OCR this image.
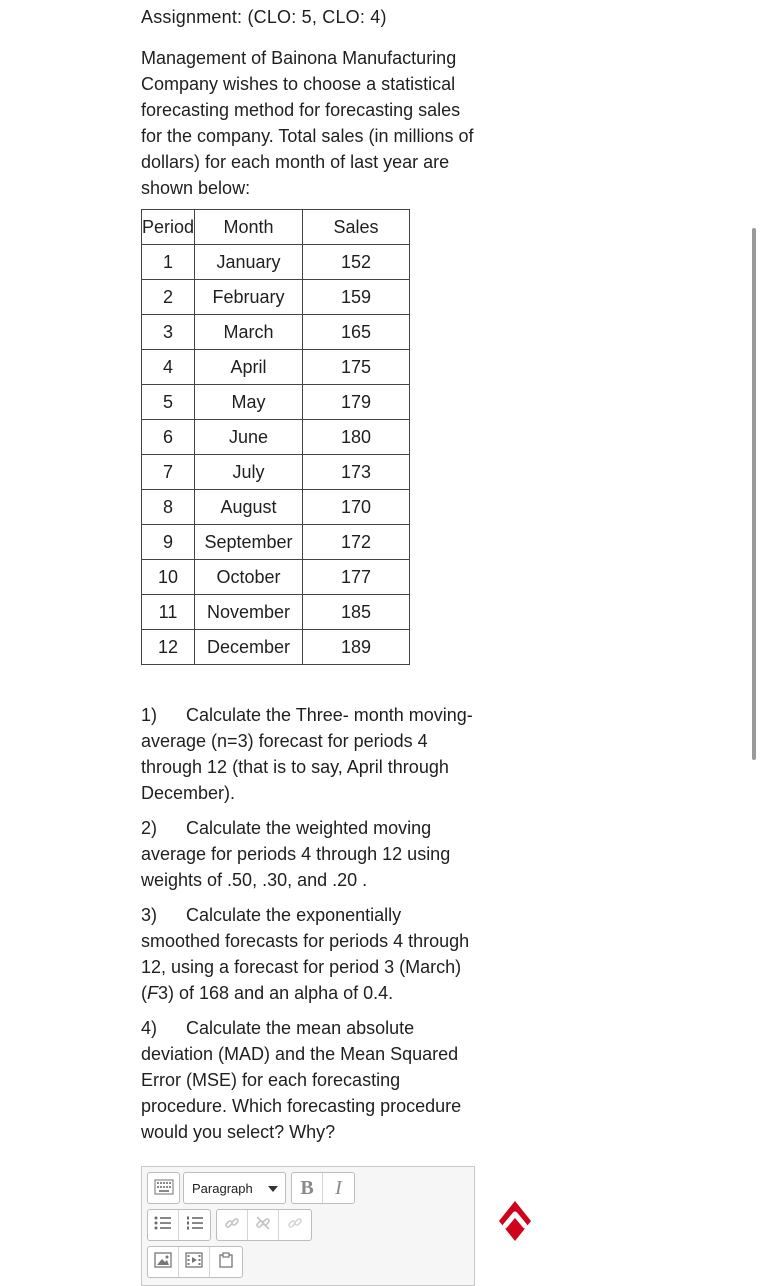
Assignment: (CLO: 5, CLO: 4)

Management of Bainona Manufacturing Company wishes to choose a statistical forecasting method for forecasting sales for the company. Total sales (in millions of dollars) for each month of last year are shown below:

Period	Month	Sales
1	January	152
2	February	159
3	March	165
4	April	175
5	May	179
6	June	180
7	July	173
8	August	170
9	September	172
10	October	177
11	November	185
12	December	189

1) Calculate the Three- month moving-average (n=3) forecast for periods 4 through 12 (that is to say, April through December).

2) Calculate the weighted moving average for periods 4 through 12 using weights of .50, .30, and .20 .

3) Calculate the exponentially smoothed forecasts for periods 4 through 12, using a forecast for period 3 (March) (F3) of 168 and an alpha of 0.4.

4) Calculate the mean absolute deviation (MAD) and the Mean Squared Error (MSE) for each forecasting procedure. Which forecasting procedure would you select? Why?

Paragraph B I
